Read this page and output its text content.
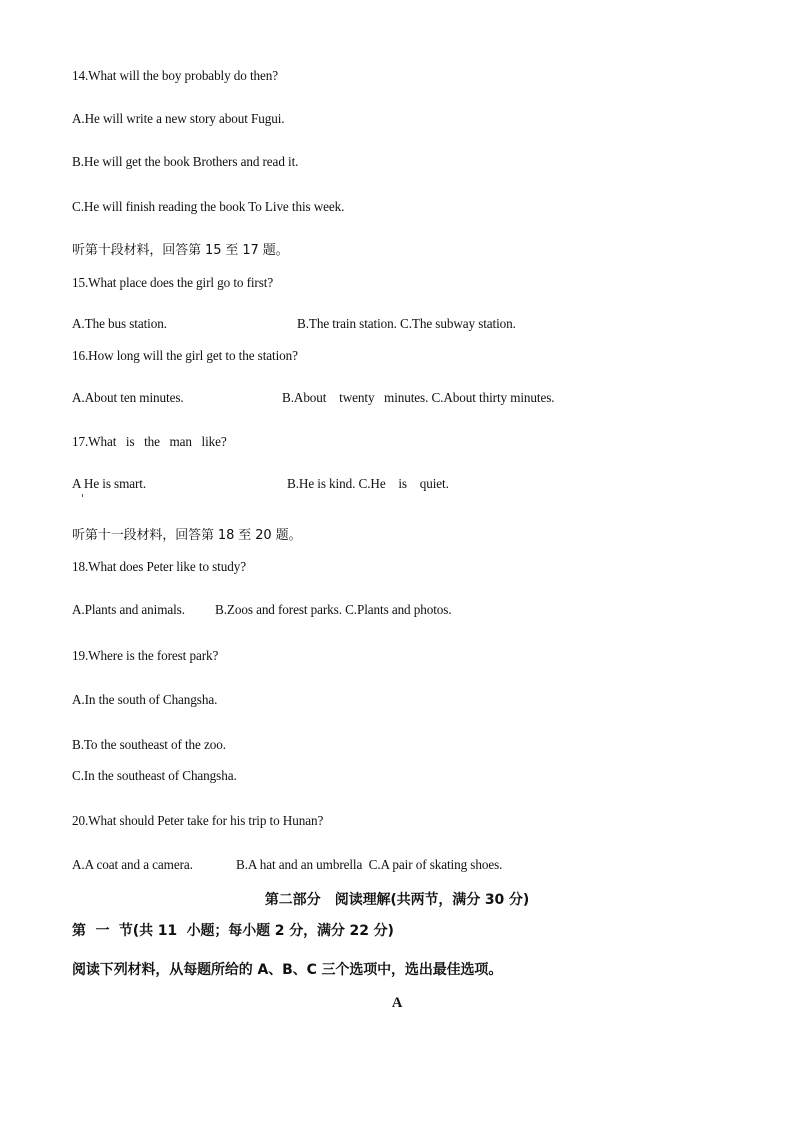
14.What will the boy probably do then?

A.He will write a new story about Fugui.

B.He will get the book Brothers and read it.

C.He will finish reading the book To Live this week.

听第十段材料，回答第 15 至 17 题。

15.What place does the girl go to first?

A.The bus station.	B.The train station. C.The subway station.

16.How long will the girl get to the station?

A.About ten minutes.	B.About    twenty   minutes. C.About thirty minutes.

17.What   is   the   man   like?

A He is smart.	B.He is kind. C.He    is    quiet.

听第十一段材料，回答第 18 至 20 题。

18.What does Peter like to study?

A.Plants and animals. B.Zoos and forest parks. C.Plants and photos.

19.Where is the forest park?

A.In the south of Changsha.

B.To the southeast of the zoo.

C.In the southeast of Changsha.

20.What should Peter take for his trip to Hunan?

A.A coat and a camera.	B.A hat and an umbrella  C.A pair of skating shoes.

第二部分   阅读理解(共两节，满分 30 分)

第  一  节(共 11  小题；每小题 2 分，满分 22 分)

阅读下列材料，从每题所给的 A、B、C 三个选项中，选出最佳选项。

A
